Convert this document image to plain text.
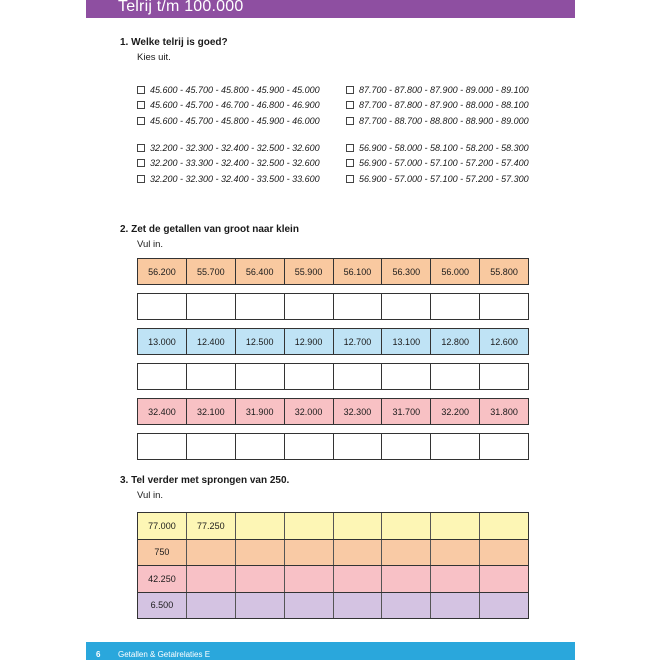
Telrij t/m 100.000
1. Welke telrij is goed?
Kies uit.
45.600 - 45.700 - 45.800 - 45.900 - 45.000
45.600 - 45.700 - 46.700 - 46.800 - 46.900
45.600 - 45.700 - 45.800 - 45.900 - 46.000
32.200 - 32.300 - 32.400 - 32.500 - 32.600
32.200 - 33.300 - 32.400 - 32.500 - 32.600
32.200 - 32.300 - 32.400 - 33.500 - 33.600
87.700 - 87.800 - 87.900 - 89.000 - 89.100
87.700 - 87.800 - 87.900 - 88.000 - 88.100
87.700 - 88.700 - 88.800 - 88.900 - 89.000
56.900 - 58.000 - 58.100 - 58.200 - 58.300
56.900 - 57.000 - 57.100 - 57.200 - 57.400
56.900 - 57.000 - 57.100 - 57.200 - 57.300
2. Zet de getallen van groot naar klein
Vul in.
56.200	55.700	56.400	55.900	56.100	56.300	56.000	55.800
13.000	12.400	12.500	12.900	12.700	13.100	12.800	12.600
32.400	32.100	31.900	32.000	32.300	31.700	32.200	31.800
3. Tel verder met sprongen van 250.
Vul in.
77.000	77.250
750
42.250
6.500
6 Getallen & Getalrelaties E
